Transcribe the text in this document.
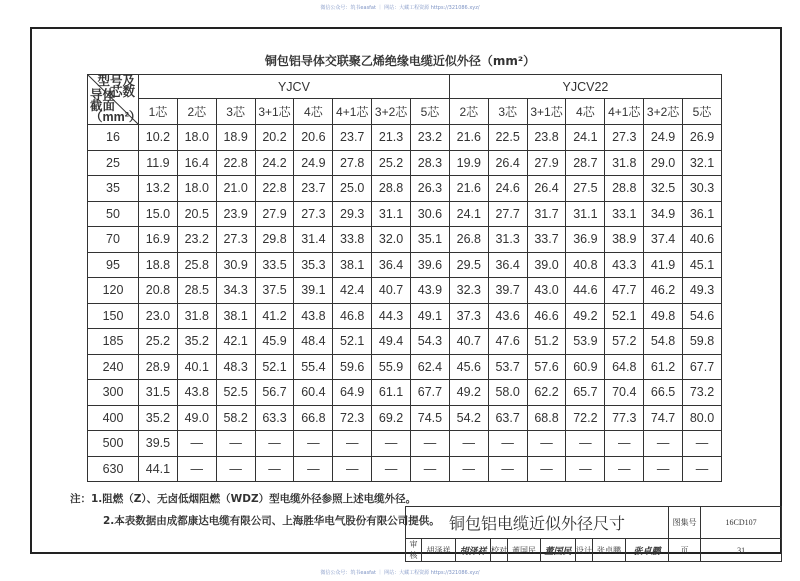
微信公众号：筑书easfat ｜ 网站：大藏工程资源 https://321086.xyz/
铜包铝导体交联聚乙烯绝缘电缆近似外径（mm²）
型号及
芯数
导体
截面
（mm²）	YJCV								YJCV22						
	1芯	2芯	3芯	3+1芯	4芯	4+1芯	3+2芯	5芯	2芯	3芯	3+1芯	4芯	4+1芯	3+2芯	5芯
16	10.2	18.0	18.9	20.2	20.6	23.7	21.3	23.2	21.6	22.5	23.8	24.1	27.3	24.9	26.9
25	11.9	16.4	22.8	24.2	24.9	27.8	25.2	28.3	19.9	26.4	27.9	28.7	31.8	29.0	32.1
35	13.2	18.0	21.0	22.8	23.7	25.0	28.8	26.3	21.6	24.6	26.4	27.5	28.8	32.5	30.3
50	15.0	20.5	23.9	27.9	27.3	29.3	31.1	30.6	24.1	27.7	31.7	31.1	33.1	34.9	36.1
70	16.9	23.2	27.3	29.8	31.4	33.8	32.0	35.1	26.8	31.3	33.7	36.9	38.9	37.4	40.6
95	18.8	25.8	30.9	33.5	35.3	38.1	36.4	39.6	29.5	36.4	39.0	40.8	43.3	41.9	45.1
120	20.8	28.5	34.3	37.5	39.1	42.4	40.7	43.9	32.3	39.7	43.0	44.6	47.7	46.2	49.3
150	23.0	31.8	38.1	41.2	43.8	46.8	44.3	49.1	37.3	43.6	46.6	49.2	52.1	49.8	54.6
185	25.2	35.2	42.1	45.9	48.4	52.1	49.4	54.3	40.7	47.6	51.2	53.9	57.2	54.8	59.8
240	28.9	40.1	48.3	52.1	55.4	59.6	55.9	62.4	45.6	53.7	57.6	60.9	64.8	61.2	67.7
300	31.5	43.8	52.5	56.7	60.4	64.9	61.1	67.7	49.2	58.0	62.2	65.7	70.4	66.5	73.2
400	35.2	49.0	58.2	63.3	66.8	72.3	69.2	74.5	54.2	63.7	68.8	72.2	77.3	74.7	80.0
500	39.5	—	—	—	—	—	—	—	—	—	—	—	—	—	—
630	44.1	—	—	—	—	—	—	—	—	—	—	—	—	—	—
注：1.阻燃（Z）、无卤低烟阻燃（WDZ）型电缆外径参照上述电缆外径。
2.本表数据由成都康达电缆有限公司、上海胜华电气股份有限公司提供。 铜包铝电缆近似外径尺寸									图集号	16CD107
审核	胡泽祥	胡泽祥	校对	董国民	董国民	设计	张卓鹏	张卓鹏	页	31
微信公众号：筑书easfat ｜ 网站：大藏工程资源 https://321086.xyz/
